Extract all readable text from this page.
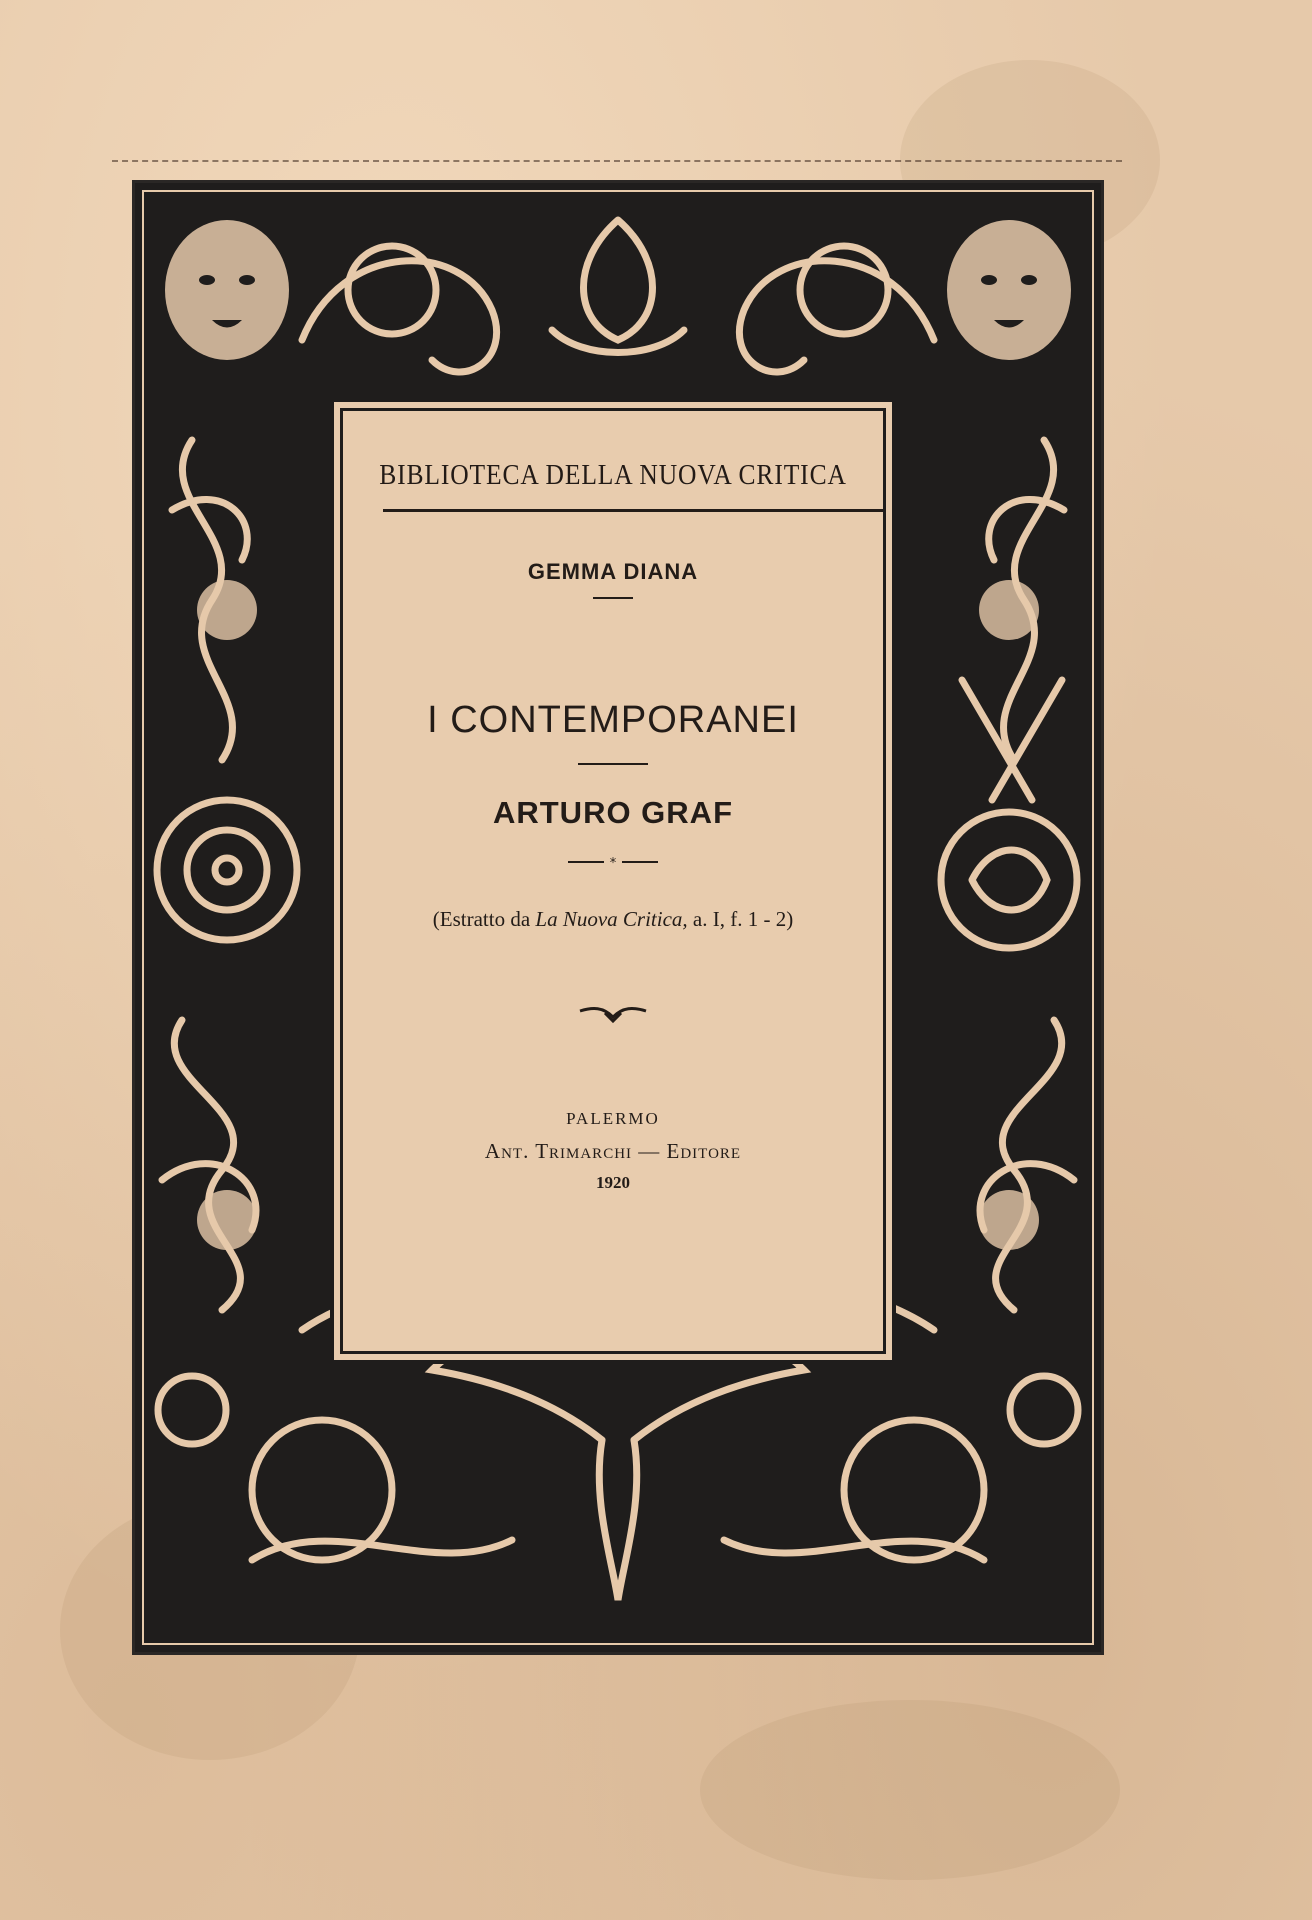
BIBLIOTECA DELLA NUOVA CRITICA
GEMMA DIANA
I CONTEMPORANEI
ARTURO GRAF
*
(Estratto da La Nuova Critica, a. I, f. 1 - 2)
PALERMO
Ant. Trimarchi — Editore
1920
